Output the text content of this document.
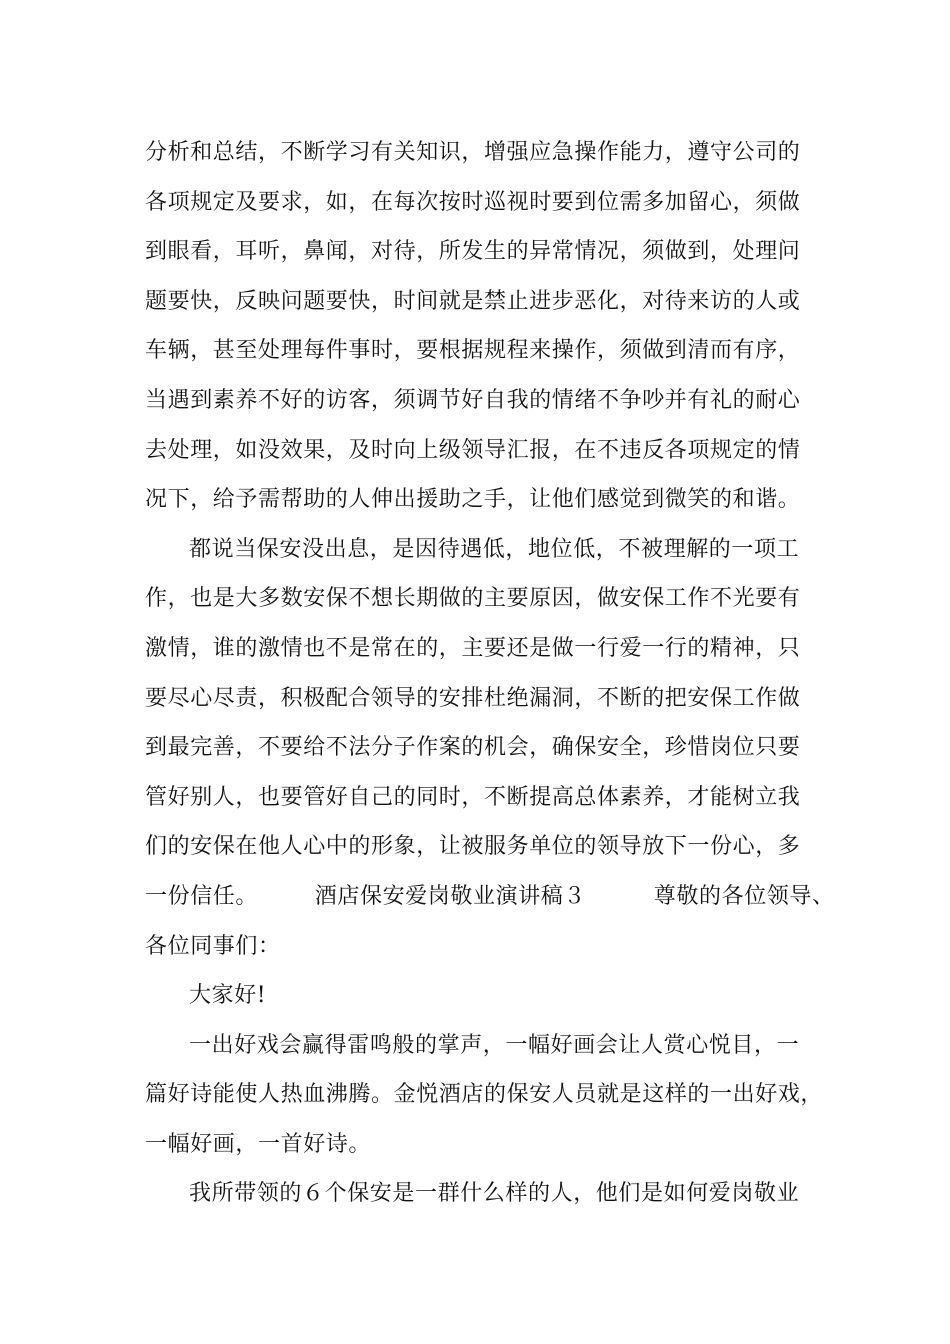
分析和总结，不断学习有关知识，增强应急操作能力，遵守公司的
各项规定及要求，如，在每次按时巡视时要到位需多加留心，须做
到眼看，耳听，鼻闻，对待，所发生的异常情况，须做到，处理问
题要快，反映问题要快，时间就是禁止进步恶化，对待来访的人或
车辆，甚至处理每件事时，要根据规程来操作，须做到清而有序，
当遇到素养不好的访客，须调节好自我的情绪不争吵并有礼的耐心
去处理，如没效果，及时向上级领导汇报，在不违反各项规定的情
况下，给予需帮助的人伸出援助之手，让他们感觉到微笑的和谐。
都说当保安没出息，是因待遇低，地位低，不被理解的一项工
作，也是大多数安保不想长期做的主要原因，做安保工作不光要有
激情，谁的激情也不是常在的，主要还是做一行爱一行的精神，只
要尽心尽责，积极配合领导的安排杜绝漏洞，不断的把安保工作做
到最完善，不要给不法分子作案的机会，确保安全，珍惜岗位只要
管好别人，也要管好自己的同时，不断提高总体素养，才能树立我
们的安保在他人心中的形象，让被服务单位的领导放下一份心，多
一份信任。　　　酒店保安爱岗敬业演讲稿３　　　尊敬的各位领导、
各位同事们：
大家好!
一出好戏会赢得雷鸣般的掌声，一幅好画会让人赏心悦目，一
篇好诗能使人热血沸腾。金悦酒店的保安人员就是这样的一出好戏，
一幅好画，一首好诗。
我所带领的６个保安是一群什么样的人，他们是如何爱岗敬业
